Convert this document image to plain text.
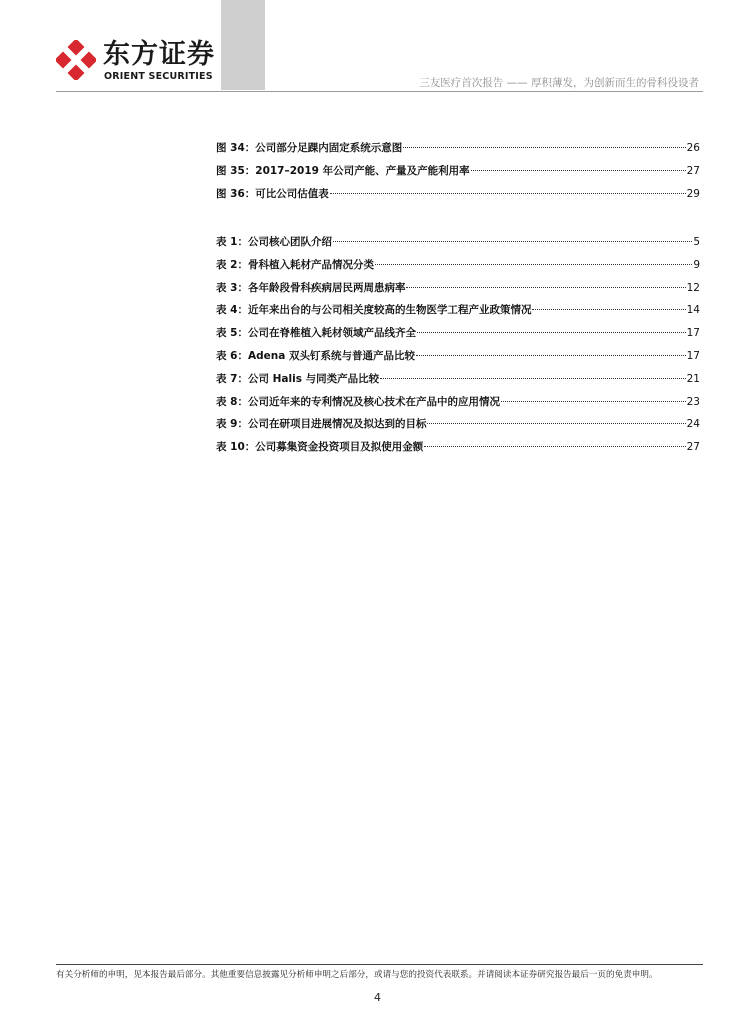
东方证券
ORIENT SECURITIES
三友医疗首次报告 —— 厚积薄发，为创新而生的骨科役设者
图 34：公司部分足踝内固定系统示意图	26
图 35：2017–2019 年公司产能、产量及产能利用率	27
图 36：可比公司估值表	29
表 1：公司核心团队介绍	5
表 2：骨科植入耗材产品情况分类	9
表 3：各年龄段骨科疾病居民两周患病率	12
表 4：近年来出台的与公司相关度较高的生物医学工程产业政策情况	14
表 5：公司在脊椎植入耗材领域产品线齐全	17
表 6：Adena 双头钉系统与普通产品比较	17
表 7：公司 Halis 与同类产品比较	21
表 8：公司近年来的专利情况及核心技术在产品中的应用情况	23
表 9：公司在研项目进展情况及拟达到的目标	24
表 10：公司募集资金投资项目及拟使用金额	27
有关分析师的申明，见本报告最后部分。其他重要信息披露见分析师申明之后部分，或请与您的投资代表联系。并请阅读本证券研究报告最后一页的免责申明。
4
